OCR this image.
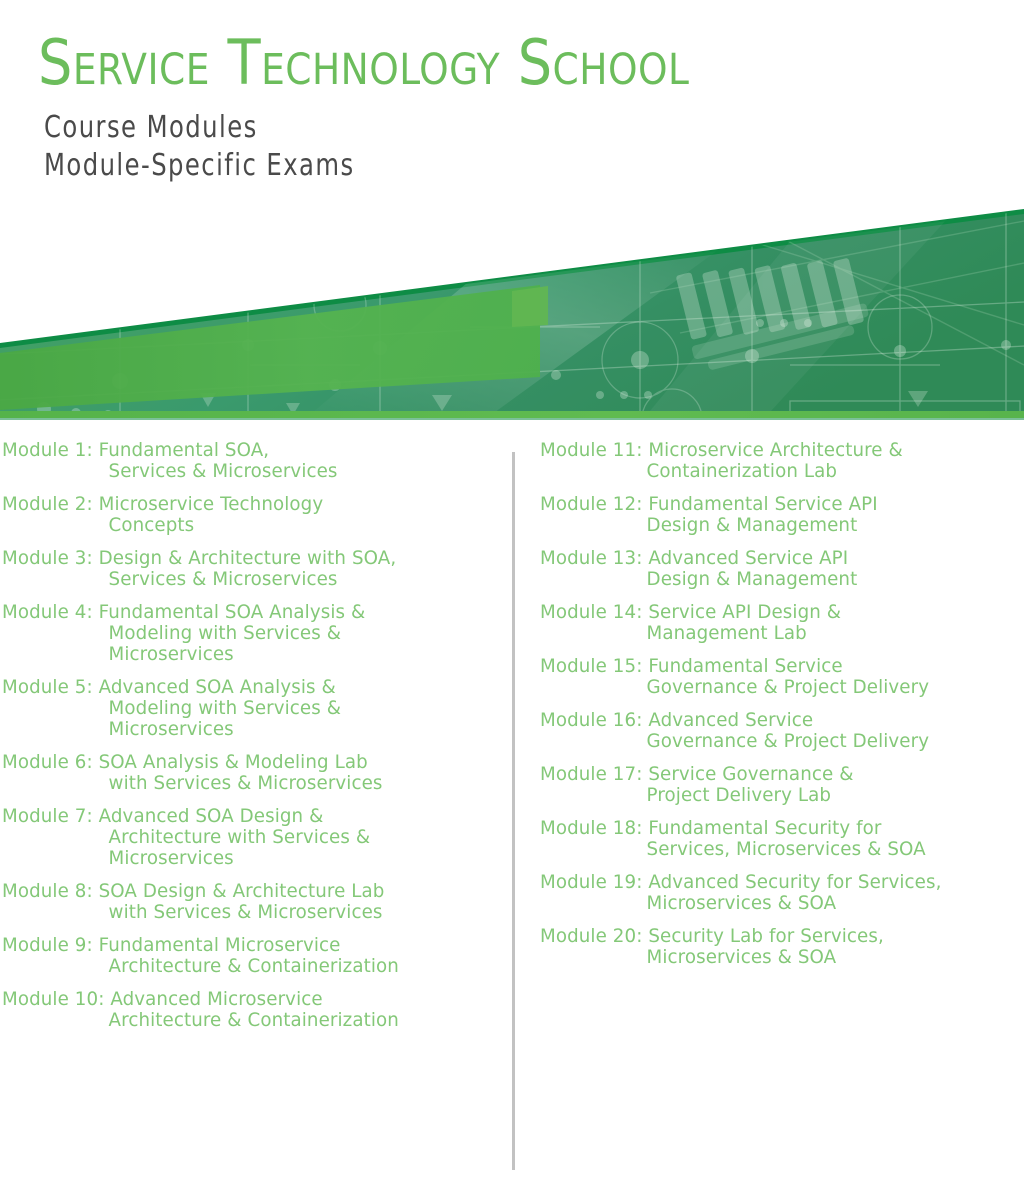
Service Technology School
Course Modules
Module-Specific Exams
Module 1: Fundamental SOA,
Services & Microservices
Module 2: Microservice Technology
Concepts
Module 3: Design & Architecture with SOA,
Services & Microservices
Module 4: Fundamental SOA Analysis &
Modeling with Services &
Microservices
Module 5: Advanced SOA Analysis &
Modeling with Services &
Microservices
Module 6: SOA Analysis & Modeling Lab
with Services & Microservices
Module 7: Advanced SOA Design &
Architecture with Services &
Microservices
Module 8: SOA Design & Architecture Lab
with Services & Microservices
Module 9: Fundamental Microservice
Architecture & Containerization
Module 10: Advanced Microservice
Architecture & Containerization
Module 11: Microservice Architecture &
Containerization Lab
Module 12: Fundamental Service API
Design & Management
Module 13: Advanced Service API
Design & Management
Module 14: Service API Design &
Management Lab
Module 15: Fundamental Service
Governance & Project Delivery
Module 16: Advanced Service
Governance & Project Delivery
Module 17: Service Governance &
Project Delivery Lab
Module 18: Fundamental Security for
Services, Microservices & SOA
Module 19: Advanced Security for Services,
Microservices & SOA
Module 20: Security Lab for Services,
Microservices & SOA
